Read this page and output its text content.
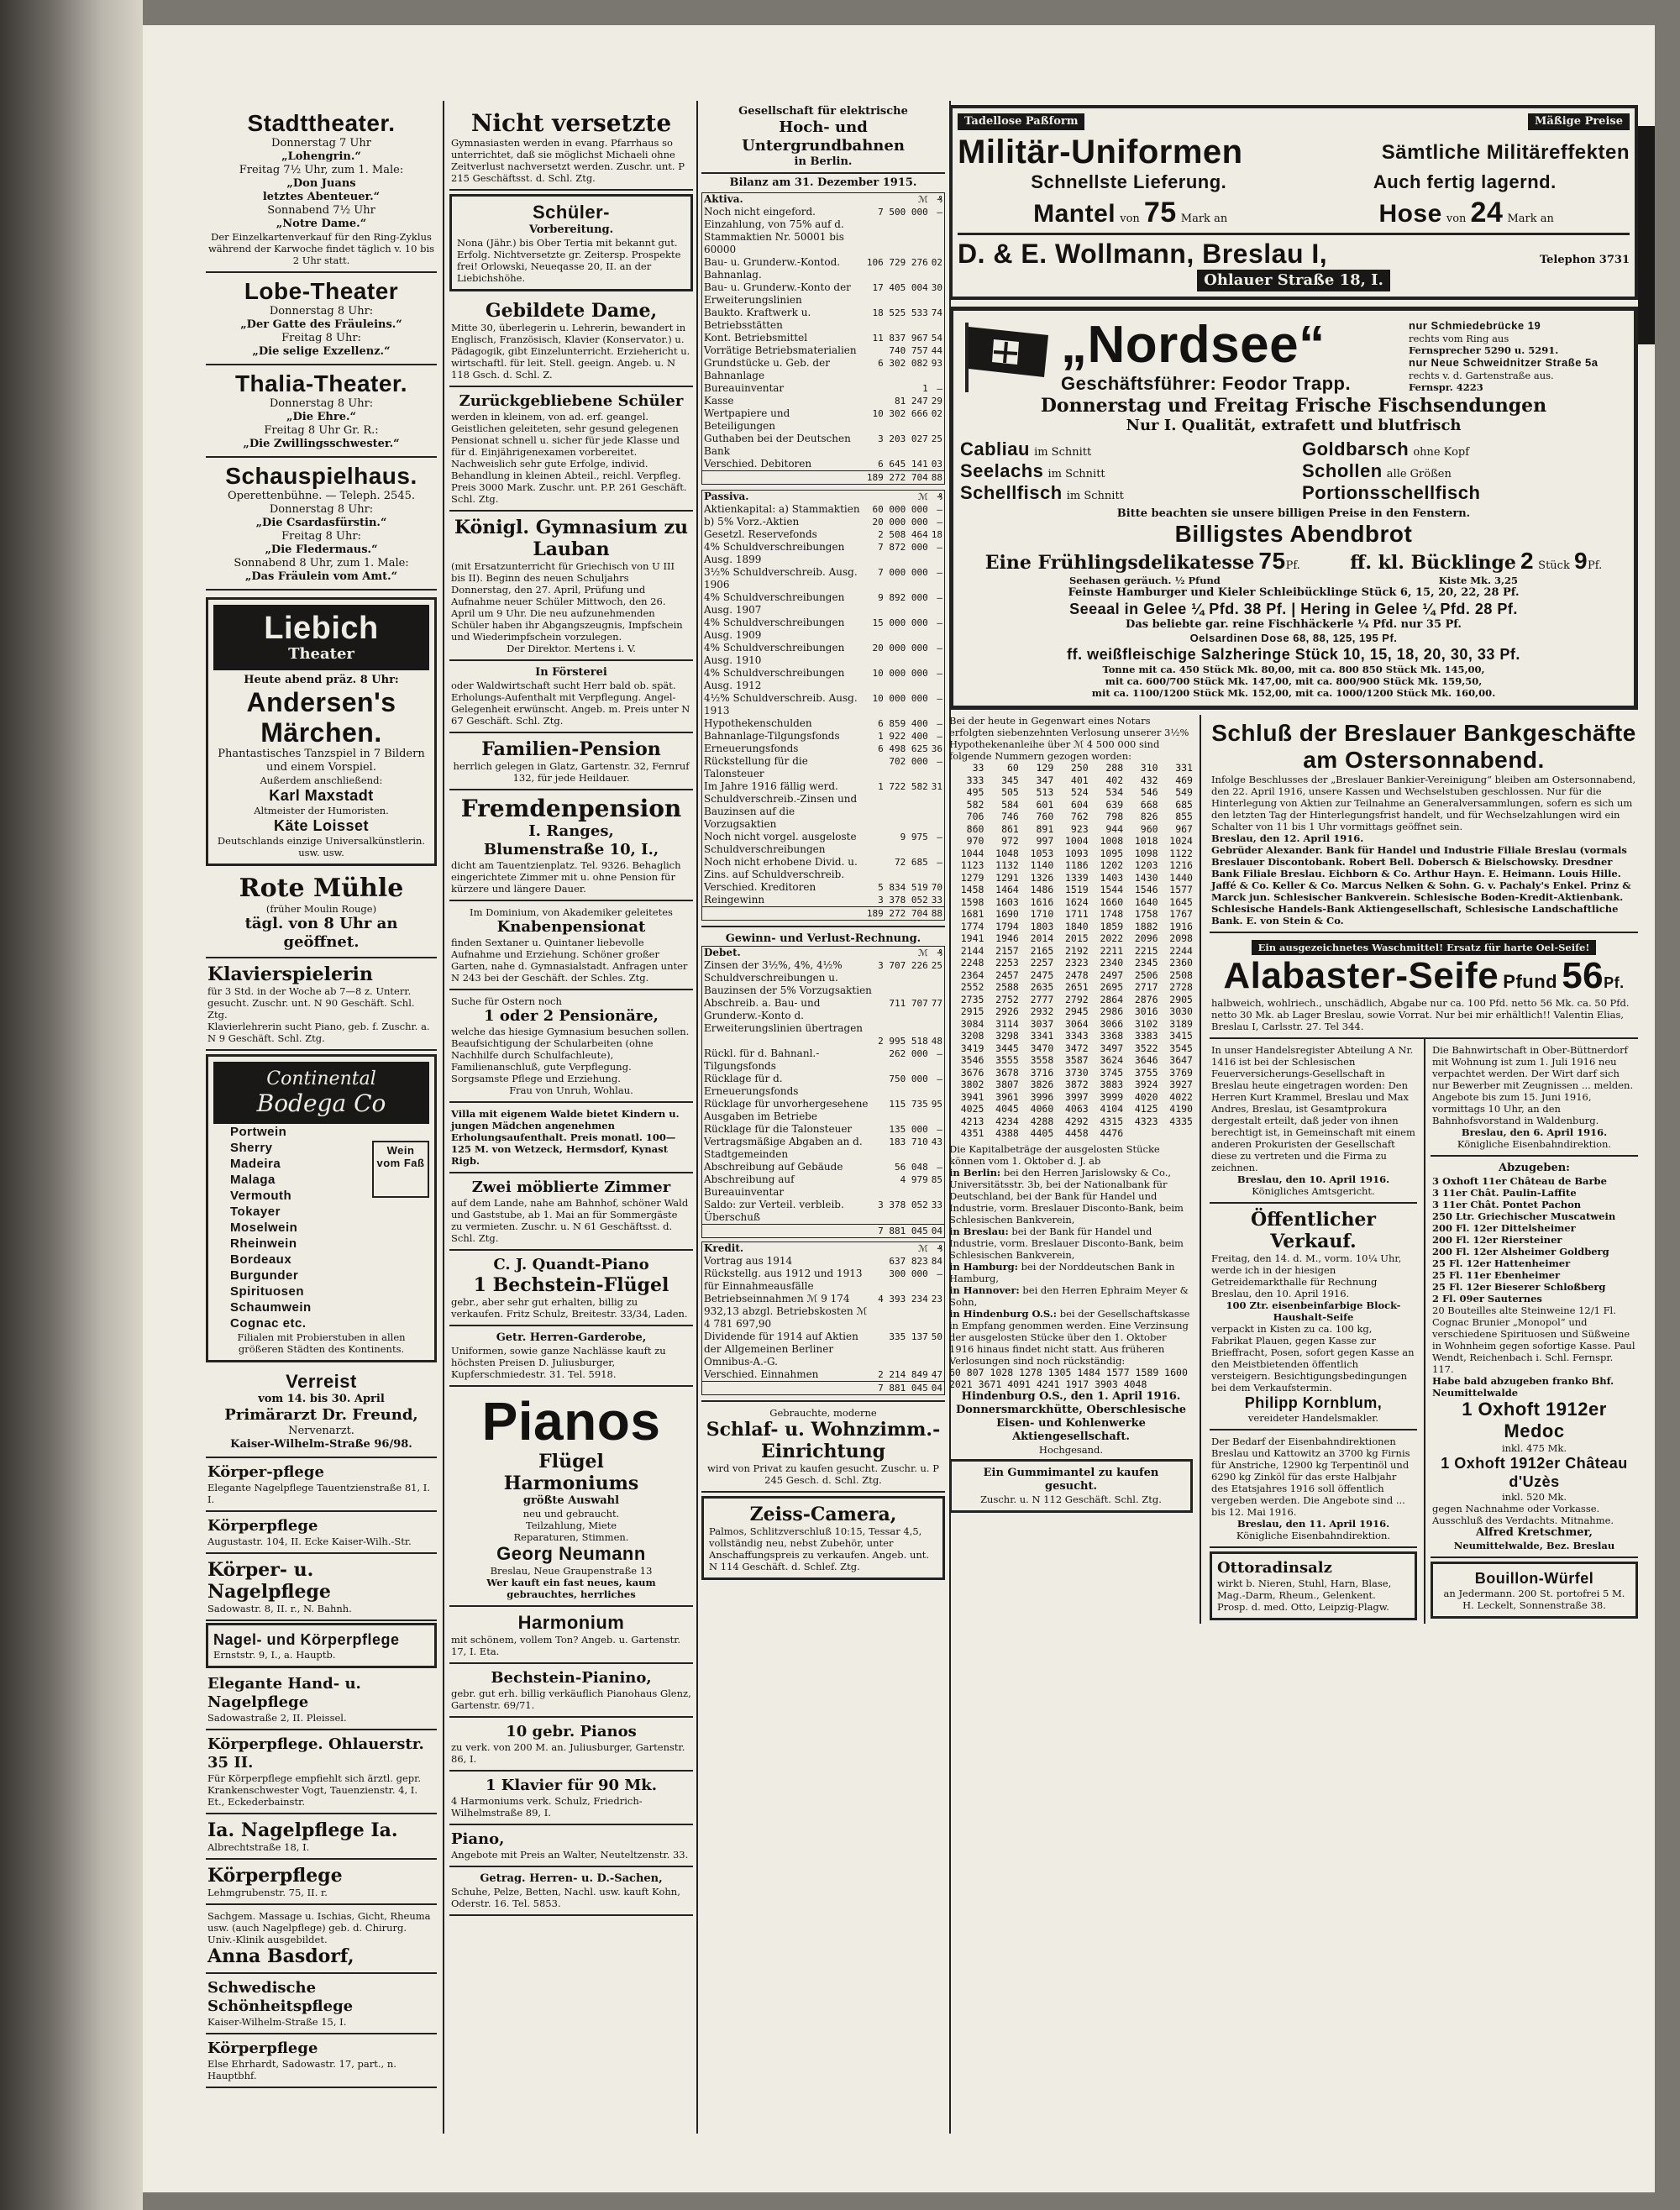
Stadttheater.
Donnerstag 7 Uhr
„Lohengrin.“
Freitag 7½ Uhr, zum 1. Male:
„Don Juans
letztes Abenteuer.“
Sonnabend 7½ Uhr
„Notre Dame.“
Der Einzelkartenverkauf für den Ring-Zyklus während der Karwoche findet täglich v. 10 bis 2 Uhr statt.
Lobe-Theater
Donnerstag 8 Uhr:
„Der Gatte des Fräuleins.“
Freitag 8 Uhr:
„Die selige Exzellenz.“
Thalia-Theater.
Donnerstag 8 Uhr:
„Die Ehre.“
Freitag 8 Uhr Gr. R.:
„Die Zwillingsschwester.“
Schauspielhaus.
Operettenbühne. — Teleph. 2545.
Donnerstag 8 Uhr:
„Die Csardasfürstin.“
Freitag 8 Uhr:
„Die Fledermaus.“
Sonnabend 8 Uhr, zum 1. Male:
„Das Fräulein vom Amt.“
Liebich
Theater
Heute abend präz. 8 Uhr:
Andersen's Märchen.
Phantastisches Tanzspiel in 7 Bildern und einem Vorspiel.
Außerdem anschließend:
Karl Maxstadt
Altmeister der Humoristen.
Käte Loisset
Deutschlands einzige Universalkünstlerin.
usw. usw.
Rote Mühle
(früher Moulin Rouge)
tägl. von 8 Uhr an geöffnet.
Klavierspielerin
für 3 Std. in der Woche ab 7—8 z. Unterr. gesucht. Zuschr. unt. N 90 Geschäft. Schl. Ztg.
Klavierlehrerin sucht Piano, geb. f. Zuschr. a. N 9 Geschäft. Schl. Ztg.
Continental
Bodega Co
Portwein
Sherry
Madeira
Malaga
Vermouth
Tokayer
Moselwein
Rheinwein
Bordeaux
Burgunder
Spirituosen
Schaumwein
Cognac etc.
Wein vom Faß
Filialen mit Probierstuben in allen größeren Städten des Kontinents.
Verreist
vom 14. bis 30. April
Primärarzt Dr. Freund,
Nervenarzt.
Kaiser-Wilhelm-Straße 96/98.
Körper-pflege
Elegante Nagelpflege Tauentzienstraße 81, I. I.
Körperpflege
Augustastr. 104, II. Ecke Kaiser-Wilh.-Str.
Körper- u. Nagelpflege
Sadowastr. 8, II. r., N. Bahnh.
Nagel- und Körperpflege
Ernststr. 9, I., a. Hauptb.
Elegante Hand- u. Nagelpflege
Sadowastraße 2, II. Pleissel.
Körperpflege. Ohlauerstr. 35 II.
Für Körperpflege empfiehlt sich ärztl. gepr. Krankenschwester Vogt, Tauenzienstr. 4, I. Et., Eckederbainstr.
Ia. Nagelpflege Ia.
Albrechtstraße 18, I.
Körperpflege
Lehmgrubenstr. 75, II. r.
Sachgem. Massage u. Ischias, Gicht, Rheuma usw. (auch Nagelpflege) geb. d. Chirurg. Univ.-Klinik ausgebildet.
Anna Basdorf,
Schwedische Schönheitspflege
Kaiser-Wilhelm-Straße 15, I.
Körperpflege
Else Ehrhardt, Sadowastr. 17, part., n. Hauptbhf.
Nicht versetzte
Gymnasiasten werden in evang. Pfarrhaus so unterrichtet, daß sie möglichst Michaeli ohne Zeitverlust nachversetzt werden. Zuschr. unt. P 215 Geschäftsst. d. Schl. Ztg.
Schüler-
Vorbereitung.
Nona (Jähr.) bis Ober Tertia mit bekannt gut. Erfolg. Nichtversetzte gr. Zeitersp. Prospekte frei! Orlowski, Neueqasse 20, II. an der Liebichshöhe.
Gebildete Dame,
Mitte 30, überlegerin u. Lehrerin, bewandert in Englisch, Französisch, Klavier (Konservator.) u. Pädagogik, gibt Einzelunterricht. Erziehericht u. wirtschaftl. für leit. Stell. geeign. Angeb. u. N 118 Gsch. d. Schl. Z.
Zurückgebliebene Schüler
werden in kleinem, von ad. erf. geangel. Geistlichen geleiteten, sehr gesund gelegenen Pensionat schnell u. sicher für jede Klasse und für d. Einjährigenexamen vorbereitet. Nachweislich sehr gute Erfolge, individ. Behandlung in kleinen Abteil., reichl. Verpfleg. Preis 3000 Mark. Zuschr. unt. P.P. 261 Geschäft. Schl. Ztg.
Königl. Gymnasium zu Lauban
(mit Ersatzunterricht für Griechisch von U III bis II). Beginn des neuen Schuljahrs Donnerstag, den 27. April, Prüfung und Aufnahme neuer Schüler Mittwoch, den 26. April um 9 Uhr. Die neu aufzunehmenden Schüler haben ihr Abgangszeugnis, Impfschein und Wiederimpfschein vorzulegen.
Der Direktor. Mertens i. V.
In Försterei
oder Waldwirtschaft sucht Herr bald ob. spät. Erholungs-Aufenthalt mit Verpflegung. Angel-Gelegenheit erwünscht. Angeb. m. Preis unter N 67 Geschäft. Schl. Ztg.
Familien-Pension
herrlich gelegen in Glatz, Gartenstr. 32, Fernruf 132, für jede Heildauer.
Fremdenpension
I. Ranges,
Blumenstraße 10, I.,
dicht am Tauentzienplatz. Tel. 9326. Behaglich eingerichtete Zimmer mit u. ohne Pension für kürzere und längere Dauer.
Im Dominium, von Akademiker geleitetes
Knabenpensionat
finden Sextaner u. Quintaner liebevolle Aufnahme und Erziehung. Schöner großer Garten, nahe d. Gymnasialstadt. Anfragen unter N 243 bei der Geschäft. der Schles. Ztg.
Suche für Ostern noch
1 oder 2 Pensionäre,
welche das hiesige Gymnasium besuchen sollen. Beaufsichtigung der Schularbeiten (ohne Nachhilfe durch Schulfachleute), Familienanschluß, gute Verpflegung. Sorgsamste Pflege und Erziehung.
Frau von Unruh, Wohlau.
Villa mit eigenem Walde bietet Kindern u. jungen Mädchen angenehmen Erholungsaufenthalt. Preis monatl. 100—125 M. von Wetzeck, Hermsdorf, Kynast Rigb.
Zwei möblierte Zimmer
auf dem Lande, nahe am Bahnhof, schöner Wald und Gaststube, ab 1. Mai an für Sommergäste zu vermieten. Zuschr. u. N 61 Geschäftsst. d. Schl. Ztg.
C. J. Quandt-Piano
1 Bechstein-Flügel
gebr., aber sehr gut erhalten, billig zu verkaufen. Fritz Schulz, Breitestr. 33/34, Laden.
Getr. Herren-Garderobe,
Uniformen, sowie ganze Nachlässe kauft zu höchsten Preisen D. Juliusburger, Kupferschmiedestr. 31. Tel. 5918.
Pianos
Flügel
Harmoniums
größte Auswahl
neu und gebraucht.
Teilzahlung, Miete
Reparaturen, Stimmen.
Georg Neumann
Breslau, Neue Graupenstraße 13
Wer kauft ein fast neues, kaum gebrauchtes, herrliches
Harmonium
mit schönem, vollem Ton? Angeb. u. Gartenstr. 17, I. Eta.
Bechstein-Pianino,
gebr. gut erh. billig verkäuflich Pianohaus Glenz, Gartenstr. 69/71.
10 gebr. Pianos
zu verk. von 200 M. an. Juliusburger, Gartenstr. 86, I.
1 Klavier für 90 Mk.
4 Harmoniums verk. Schulz, Friedrich-Wilhelmstraße 89, I.
Piano,
Angebote mit Preis an Walter, Neuteltzenstr. 33.
Getrag. Herren- u. D.-Sachen,
Schuhe, Pelze, Betten, Nachl. usw. kauft Kohn, Oderstr. 16. Tel. 5853.
Gesellschaft für elektrische
Hoch- und Untergrundbahnen
in Berlin.
Bilanz am 31. Dezember 1915.
Aktiva.	ℳ	₰
Noch nicht eingeford. Einzahlung, von 75% auf d. Stammaktien Nr. 50001 bis 60000	7 500 000	—
Bau- u. Grunderw.-Kontod. Bahnanlag.	106 729 276	02
Bau- u. Grunderw.-Konto der Erweiterungslinien	17 405 004	30
Baukto. Kraftwerk u. Betriebsstätten	18 525 533	74
Kont. Betriebsmittel	11 837 967	54
Vorrätige Betriebsmaterialien	740 757	44
Grundstücke u. Geb. der Bahnanlage	6 302 082	93
Bureauinventar	1	—
Kasse	81 247	29
Wertpapiere und Beteiligungen	10 302 666	02
Guthaben bei der Deutschen Bank	3 203 027	25
Verschied. Debitoren	6 645 141	03
	189 272 704	88
Passiva.	ℳ	₰
Aktienkapital: a) Stammaktien	60 000 000	—
b) 5% Vorz.-Aktien	20 000 000	—
Gesetzl. Reservefonds	2 508 464	18
4% Schuldverschreibungen Ausg. 1899	7 872 000	—
3½% Schuldverschreib. Ausg. 1906	7 000 000	—
4% Schuldverschreibungen Ausg. 1907	9 892 000	—
4% Schuldverschreibungen Ausg. 1909	15 000 000	—
4% Schuldverschreibungen Ausg. 1910	20 000 000	—
4% Schuldverschreibungen Ausg. 1912	10 000 000	—
4½% Schuldverschreib. Ausg. 1913	10 000 000	—
Hypothekenschulden	6 859 400	—
Bahnanlage-Tilgungsfonds	1 922 400	—
Erneuerungsfonds	6 498 625	36
Rückstellung für die Talonsteuer	702 000	—
Im Jahre 1916 fällig werd. Schuldverschreib.-Zinsen und Bauzinsen auf die Vorzugsaktien	1 722 582	31
Noch nicht vorgel. ausgeloste Schuldverschreibungen	9 975	—
Noch nicht erhobene Divid. u. Zins. auf Schuldverschreib.	72 685	—
Verschied. Kreditoren	5 834 519	70
Reingewinn	3 378 052	33
	189 272 704	88
Gewinn- und Verlust-Rechnung.
Debet.	ℳ	₰
Zinsen der 3½%, 4%, 4½% Schuldverschreibungen u. Bauzinsen der 5% Vorzugsaktien	3 707 226	25
Abschreib. a. Bau- und Grunderw.-Konto d. Erweiterungslinien übertragen	711 707	77
	2 995 518	48
Rückl. für d. Bahnanl.-Tilgungsfonds	262 000	—
Rücklage für d. Erneuerungsfonds	750 000	—
Rücklage für unvorhergesehene Ausgaben im Betriebe	115 735	95
Rücklage für die Talonsteuer	135 000	—
Vertragsmäßige Abgaben an d. Stadtgemeinden	183 710	43
Abschreibung auf Gebäude	56 048	—
Abschreibung auf Bureauinventar	4 979	85
Saldo: zur Verteil. verbleib. Überschuß	3 378 052	33
	7 881 045	04
Kredit.	ℳ	₰
Vortrag aus 1914	637 823	84
Rückstellg. aus 1912 und 1913 für Einnahmeausfälle	300 000	—
Betriebseinnahmen ℳ 9 174 932,13 abzgl. Betriebskosten ℳ 4 781 697,90	4 393 234	23
Dividende für 1914 auf Aktien der Allgemeinen Berliner Omnibus-A.-G.	335 137	50
Verschied. Einnahmen	2 214 849	47
	7 881 045	04
Gebrauchte, moderne
Schlaf- u. Wohnzimm.-Einrichtung
wird von Privat zu kaufen gesucht. Zuschr. u. P 245 Gesch. d. Schl. Ztg.
Zeiss-Camera,
Palmos, Schlitzverschluß 10:15, Tessar 4,5, vollständig neu, nebst Zubehör, unter Anschaffungspreis zu verkaufen. Angeb. unt. N 114 Geschäft. d. Schlef. Ztg.
Tadellose Paßform	Mäßige Preise
Militär-Uniformen	Sämtliche Militäreffekten
Schnellste Lieferung.	Auch fertig lagernd.
Mantel von 75 Mark an	Hose von 24 Mark an
D. & E. Wollmann, Breslau I,	Telephon 3731
Ohlauer Straße 18, I.
„Nordsee“
Geschäftsführer: Feodor Trapp.
nur Schmiedebrücke 19
rechts vom Ring aus
Fernsprecher 5290 u. 5291.
nur Neue Schweidnitzer Straße 5a
rechts v. d. Gartenstraße aus.
Fernspr. 4223
Donnerstag und Freitag Frische Fischsendungen
Nur I. Qualität, extrafett und blutfrisch
Cabliau im Schnitt	Goldbarsch ohne Kopf
Seelachs im Schnitt	Schollen alle Größen
Schellfisch im Schnitt	Portionsschellfisch
Bitte beachten sie unsere billigen Preise in den Fenstern.
Billigstes Abendbrot
Eine Frühlingsdelikatesse 75Pf.	ff. kl. Bücklinge 2 Stück 9Pf.
Seehasen geräuch. ½ Pfund	Kiste Mk. 3,25
Feinste Hamburger und Kieler Schleibücklinge Stück 6, 15, 20, 22, 28 Pf.
Seeaal in Gelee ¼ Pfd. 38 Pf. | Hering in Gelee ¼ Pfd. 28 Pf.
Das beliebte gar. reine Fischhäckerle ¼ Pfd. nur 35 Pf.
Oelsardinen Dose 68, 88, 125, 195 Pf.
ff. weißfleischige Salzheringe Stück 10, 15, 18, 20, 30, 33 Pf.
Tonne mit ca. 450 Stück Mk. 80,00, mit ca. 800 850 Stück Mk. 145,00,
mit ca. 600/700 Stück Mk. 147,00, mit ca. 800/900 Stück Mk. 159,50,
mit ca. 1100/1200 Stück Mk. 152,00, mit ca. 1000/1200 Stück Mk. 160,00.
Bei der heute in Gegenwart eines Notars erfolgten siebenzehnten Verlosung unserer 3½% Hypothekenanleihe über ℳ 4 500 000 sind folgende Nummern gezogen worden:
33	60	129	250	288	310	331
333	345	347	401	402	432	469
495	505	513	524	534	546	549
582	584	601	604	639	668	685
706	746	760	762	798	826	855
860	861	891	923	944	960	967
970	972	997	1004	1008	1018	1024
1044	1048	1053	1093	1095	1098	1122
1123	1132	1140	1186	1202	1203	1216
1279	1291	1326	1339	1403	1430	1440
1458	1464	1486	1519	1544	1546	1577
1598	1603	1616	1624	1660	1640	1645
1681	1690	1710	1711	1748	1758	1767
1774	1794	1803	1840	1859	1882	1916
1941	1946	2014	2015	2022	2096	2098
2144	2157	2165	2192	2211	2215	2244
2248	2253	2257	2323	2340	2345	2360
2364	2457	2475	2478	2497	2506	2508
2552	2588	2635	2651	2695	2717	2728
2735	2752	2777	2792	2864	2876	2905
2915	2926	2932	2945	2986	3016	3030
3084	3114	3037	3064	3066	3102	3189
3208	3298	3341	3343	3368	3383	3415
3419	3445	3470	3472	3497	3522	3545
3546	3555	3558	3587	3624	3646	3647
3676	3678	3716	3730	3745	3755	3769
3802	3807	3826	3872	3883	3924	3927
3941	3961	3996	3997	3999	4020	4022
4025	4045	4060	4063	4104	4125	4190
4213	4234	4288	4292	4315	4323	4335
4351	4388	4405	4458	4476
Die Kapitalbeträge der ausgelosten Stücke können vom 1. Oktober d. J. ab
in Berlin: bei den Herren Jarislowsky & Co., Universitätsstr. 3b, bei der Nationalbank für Deutschland, bei der Bank für Handel und Industrie, vorm. Breslauer Disconto-Bank, beim Schlesischen Bankverein,
in Breslau: bei der Bank für Handel und Industrie, vorm. Breslauer Disconto-Bank, beim Schlesischen Bankverein,
in Hamburg: bei der Norddeutschen Bank in Hamburg,
in Hannover: bei den Herren Ephraim Meyer & Sohn,
in Hindenburg O.S.: bei der Gesellschaftskasse
in Empfang genommen werden. Eine Verzinsung der ausgelosten Stücke über den 1. Oktober 1916 hinaus findet nicht statt. Aus früheren Verlosungen sind noch rückständig:
60 807 1028 1278 1305 1484 1577 1589 1600 2021 3671 4091 4241 1917 3903 4048
Hindenburg O.S., den 1. April 1916.
Donnersmarckhütte, Oberschlesische Eisen- und Kohlenwerke Aktiengesellschaft.
Hochgesand.
Ein Gummimantel zu kaufen gesucht.
Zuschr. u. N 112 Geschäft. Schl. Ztg.
Schluß der Breslauer Bankgeschäfte am Ostersonnabend.
Infolge Beschlusses der „Breslauer Bankier-Vereinigung“ bleiben am Ostersonnabend, den 22. April 1916, unsere Kassen und Wechselstuben geschlossen. Nur für die Hinterlegung von Aktien zur Teilnahme an Generalversammlungen, sofern es sich um den letzten Tag der Hinterlegungsfrist handelt, und für Wechselzahlungen wird ein Schalter von 11 bis 1 Uhr vormittags geöffnet sein.
Breslau, den 12. April 1916.
Gebrüder Alexander. Bank für Handel und Industrie Filiale Breslau (vormals Breslauer Discontobank. Robert Bell. Dobersch & Bielschowsky. Dresdner Bank Filiale Breslau. Eichborn & Co. Arthur Hayn. E. Heimann. Louis Hille. Jaffé & Co. Keller & Co. Marcus Nelken & Sohn. G. v. Pachaly's Enkel. Prinz & Marck jun. Schlesischer Bankverein. Schlesische Boden-Kredit-Aktienbank. Schlesische Handels-Bank Aktiengesellschaft, Schlesische Landschaftliche Bank. E. von Stein & Co.
Ein ausgezeichnetes Waschmittel! Ersatz für harte Oel-Seife!
Alabaster-Seife Pfund 56Pf.
halbweich, wohlriech., unschädlich, Abgabe nur ca. 100 Pfd. netto 56 Mk. ca. 50 Pfd. netto 30 Mk. ab Lager Breslau, sowie Vorrat. Nur bei mir erhältlich!! Valentin Elias, Breslau I, Carlsstr. 27. Tel 344.
In unser Handelsregister Abteilung A Nr. 1416 ist bei der Schlesischen Feuerversicherungs-Gesellschaft in Breslau heute eingetragen worden: Den Herren Kurt Krammel, Breslau und Max Andres, Breslau, ist Gesamtprokura dergestalt erteilt, daß jeder von ihnen berechtigt ist, in Gemeinschaft mit einem anderen Prokuristen der Gesellschaft diese zu vertreten und die Firma zu zeichnen.
Breslau, den 10. April 1916.
Königliches Amtsgericht.
Öffentlicher Verkauf.
Freitag, den 14. d. M., vorm. 10¼ Uhr, werde ich in der hiesigen Getreidemarkthalle für Rechnung Breslau, den 10. April 1916.
100 Ztr. eisenbeinfarbige Block-Haushalt-Seife
verpackt in Kisten zu ca. 100 kg, Fabrikat Plauen, gegen Kasse zur Brieffracht, Posen, sofort gegen Kasse an den Meistbietenden öffentlich versteigern. Besichtigungsbedingungen bei dem Verkaufstermin.
Philipp Kornblum,
vereideter Handelsmakler.
Der Bedarf der Eisenbahndirektionen Breslau und Kattowitz an 3700 kg Firnis für Anstriche, 12900 kg Terpentinöl und 6290 kg Zinköl für das erste Halbjahr des Etatsjahres 1916 soll öffentlich vergeben werden. Die Angebote sind ... bis 12. Mai 1916.
Breslau, den 11. April 1916.
Königliche Eisenbahndirektion.
Ottoradinsalz
wirkt b. Nieren, Stuhl, Harn, Blase, Mag.-Darm, Rheum., Gelenkent. Prosp. d. med. Otto, Leipzig-Plagw.
Die Bahnwirtschaft in Ober-Büttnerdorf mit Wohnung ist zum 1. Juli 1916 neu verpachtet werden. Der Wirt darf sich nur Bewerber mit Zeugnissen ... melden. Angebote bis zum 15. Juni 1916, vormittags 10 Uhr, an den Bahnhofsvorstand in Waldenburg.
Breslau, den 6. April 1916.
Königliche Eisenbahndirektion.
Abzugeben:
3 Oxhoft 11er Château de Barbe
3 11er Chât. Paulin-Laffite
3 11er Chât. Pontet Pachon
250 Ltr. Griechischer Muscatwein
200 Fl. 12er Dittelsheimer
200 Fl. 12er Riersteiner
200 Fl. 12er Alsheimer Goldberg
25 Fl. 12er Hattenheimer
25 Fl. 11er Ebenheimer
25 Fl. 12er Bieserer Schloßberg
2 Fl. 09er Sauternes
20 Bouteilles alte Steinweine 12/1 Fl. Cognac Brunier „Monopol“ und verschiedene Spirituosen und Süßweine in Wohnheim gegen sofortige Kasse. Paul Wendt, Reichenbach i. Schl. Fernspr. 117.
Habe bald abzugeben franko Bhf. Neumittelwalde
1 Oxhoft 1912er Medoc
inkl. 475 Mk.
1 Oxhoft 1912er Château d'Uzès
inkl. 520 Mk.
gegen Nachnahme oder Vorkasse. Ausschluß des Verdachts. Mitnahme.
Alfred Kretschmer,
Neumittelwalde, Bez. Breslau
Bouillon-Würfel
an Jedermann. 200 St. portofrei 5 M. H. Leckelt, Sonnenstraße 38.
